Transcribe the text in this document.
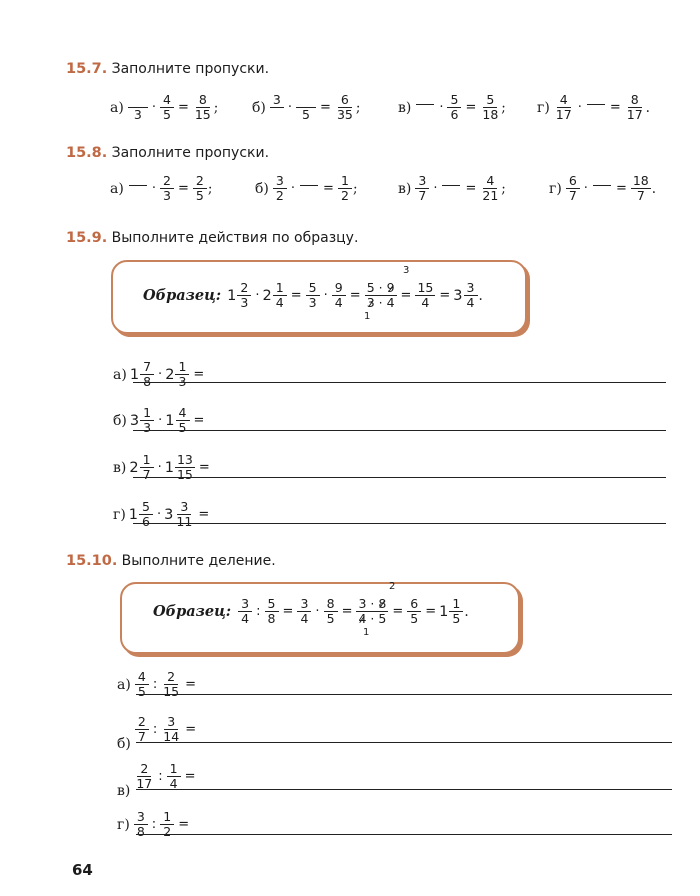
15.7. Заполните пропуски.
а)
$3 \cdot \frac{4}{5} = \frac{8}{15}$ ; б) 3

·
$5 = \frac{6}{35}$ ;	$в) \cdot \frac{5}{6} = \frac{5}{18}$ ; $г) \frac{4}{17}$ · = $\frac{8}{17}$ .
15.8. Заполните пропуски.
$а) \cdot \frac{2}{3} = \frac{2}{5}$ ;	$б) \frac{3}{2}$ · = $\frac{1}{2}$ ;	$в) \frac{3}{7}$ · = $\frac{4}{21}$ ;	$г) \frac{6}{7}$ · = $\frac{18}{7}$ .
15.9. Выполните действия по образцу.
Образец: $1 \frac{2}{3} \cdot 2 \frac{1}{4} = \frac{5}{3} \cdot \frac{9}{4} = \frac{5 \cdot 9}{3 \cdot 4} = \frac{15}{4} = 3 \frac{3}{4}$ .
3
1
а) $1 \frac{7}{8} \cdot 2 \frac{1}{3}$ =
б) $3 \frac{1}{3} \cdot 1 \frac{4}{5}$ =
в) $2 \frac{1}{7} \cdot 1 \frac{13}{15}$ =
г) $1 \frac{5}{6} \cdot 3 \frac{3}{11}$ =
15.10. Выполните деление.
Образец: $\frac{3}{4}$ : $\frac{5}{8} = \frac{3}{4} \cdot \frac{8}{5} = \frac{3 \cdot 8}{4 \cdot 5} = \frac{6}{5} = 1 \frac{1}{5}$ .
2
1
$а) \frac{4}{5}$ : $\frac{2}{15}$ =
$б) \frac{2}{7}$ : $\frac{3}{14}$ =
$в) \frac{2}{17}$ : $\frac{1}{4}$ =
$г) \frac{3}{8}$ : $\frac{1}{2}$ =
64
